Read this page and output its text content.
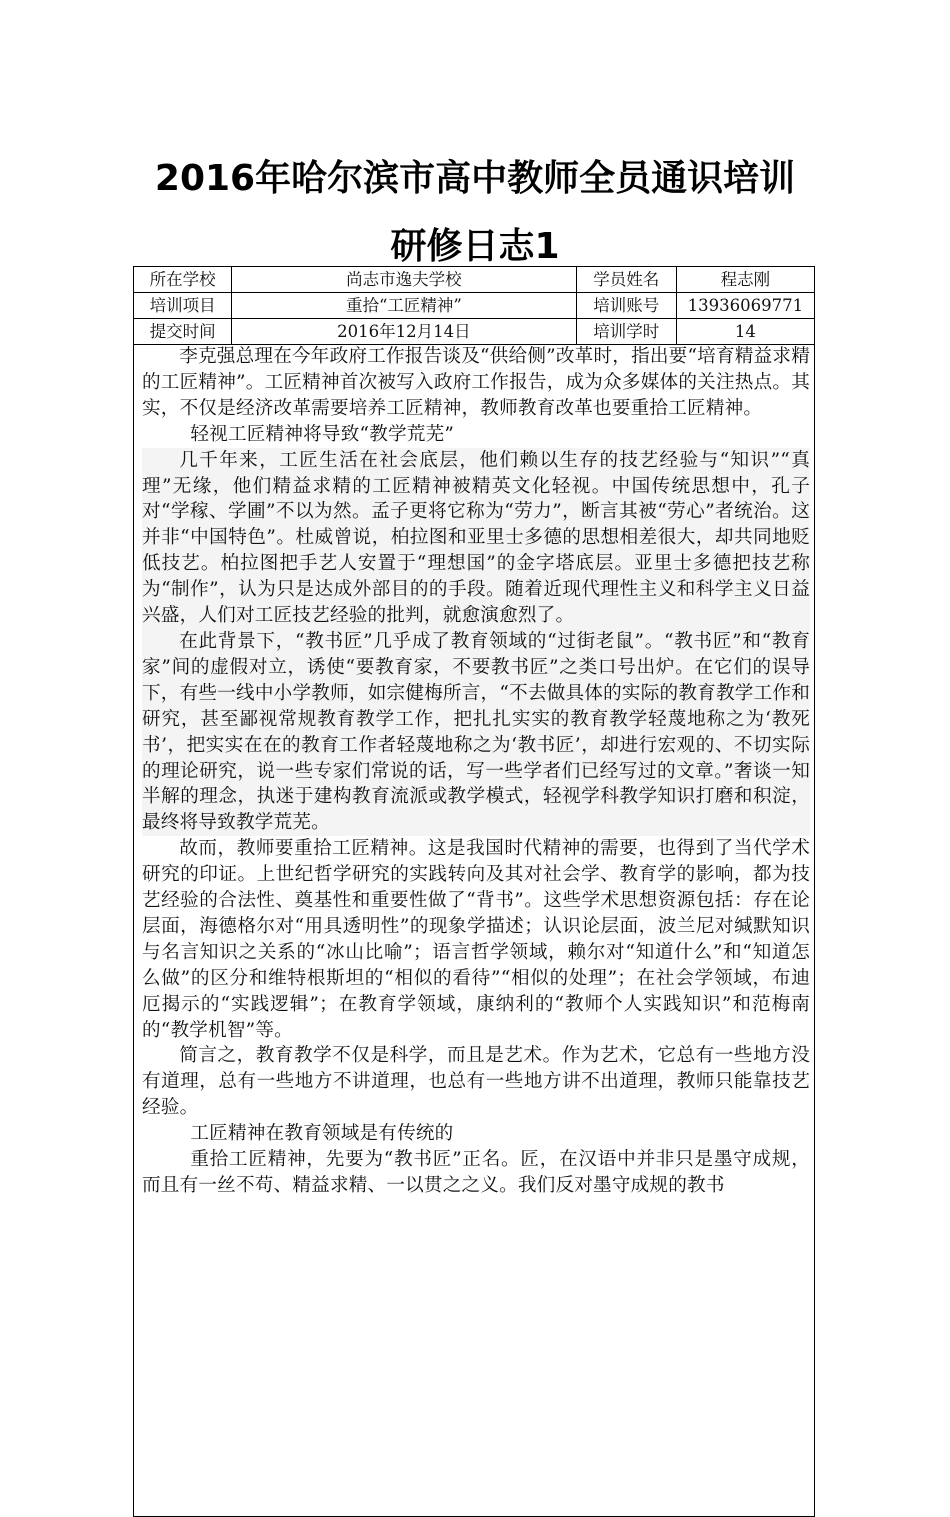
2016年哈尔滨市高中教师全员通识培训
研修日志1
所在学校	尚志市逸夫学校	学员姓名	程志刚
培训项目	重拾“工匠精神”	培训账号	13936069771
提交时间	2016年12月14日	培训学时	14

李克强总理在今年政府工作报告谈及“供给侧”改革时，指出要“培育精益求精的工匠精神”。工匠精神首次被写入政府工作报告，成为众多媒体的关注热点。其实，不仅是经济改革需要培养工匠精神，教师教育改革也要重拾工匠精神。

轻视工匠精神将导致“教学荒芜”

几千年来，工匠生活在社会底层，他们赖以生存的技艺经验与“知识”“真理”无缘，他们精益求精的工匠精神被精英文化轻视。中国传统思想中，孔子对“学稼、学圃”不以为然。孟子更将它称为“劳力”，断言其被“劳心”者统治。这并非“中国特色”。杜威曾说，柏拉图和亚里士多德的思想相差很大，却共同地贬低技艺。柏拉图把手艺人安置于“理想国”的金字塔底层。亚里士多德把技艺称为“制作”，认为只是达成外部目的的手段。随着近现代理性主义和科学主义日益兴盛，人们对工匠技艺经验的批判，就愈演愈烈了。

在此背景下，“教书匠”几乎成了教育领域的“过街老鼠”。“教书匠”和“教育家”间的虚假对立，诱使“要教育家，不要教书匠”之类口号出炉。在它们的误导下，有些一线中小学教师，如宗健梅所言，“不去做具体的实际的教育教学工作和研究，甚至鄙视常规教育教学工作，把扎扎实实的教育教学轻蔑地称之为‘教死书’，把实实在在的教育工作者轻蔑地称之为‘教书匠’，却进行宏观的、不切实际的理论研究，说一些专家们常说的话，写一些学者们已经写过的文章。”奢谈一知半解的理念，执迷于建构教育流派或教学模式，轻视学科教学知识打磨和积淀，最终将导致教学荒芜。

故而，教师要重拾工匠精神。这是我国时代精神的需要，也得到了当代学术研究的印证。上世纪哲学研究的实践转向及其对社会学、教育学的影响，都为技艺经验的合法性、奠基性和重要性做了“背书”。这些学术思想资源包括：存在论层面，海德格尔对“用具透明性”的现象学描述；认识论层面，波兰尼对缄默知识与名言知识之关系的“冰山比喻”；语言哲学领域，赖尔对“知道什么”和“知道怎么做”的区分和维特根斯坦的“相似的看待”“相似的处理”；在社会学领域，布迪厄揭示的“实践逻辑”；在教育学领域，康纳利的“教师个人实践知识”和范梅南的“教学机智”等。

简言之，教育教学不仅是科学，而且是艺术。作为艺术，它总有一些地方没有道理，总有一些地方不讲道理，也总有一些地方讲不出道理，教师只能靠技艺经验。

工匠精神在教育领域是有传统的

重拾工匠精神，先要为“教书匠”正名。匠，在汉语中并非只是墨守成规，而且有一丝不苟、精益求精、一以贯之之义。我们反对墨守成规的教书
